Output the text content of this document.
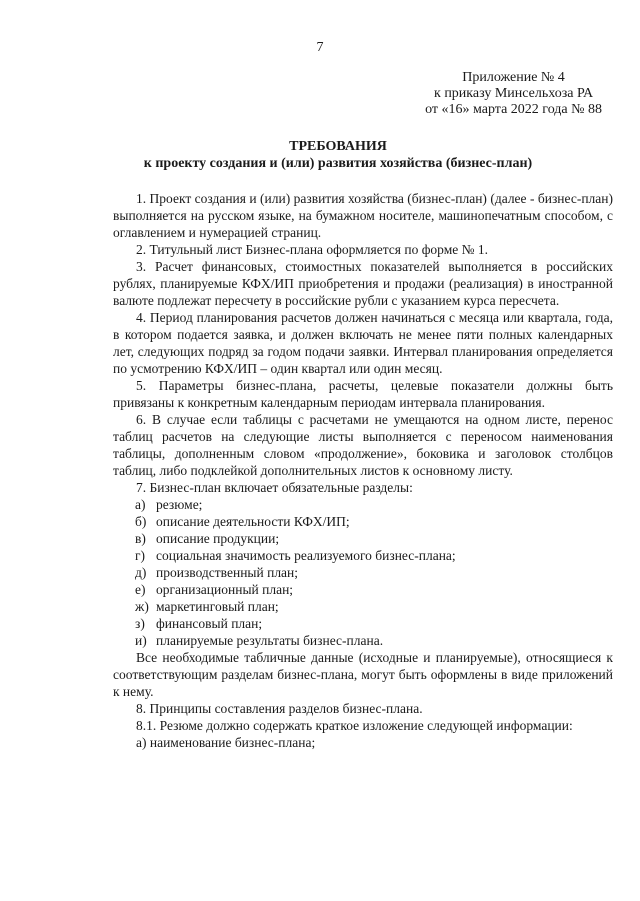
7
Приложение № 4
к приказу Минсельхоза РА
от «16» марта 2022 года № 88
ТРЕБОВАНИЯ
к проекту создания и (или) развития хозяйства (бизнес-план)

1. Проект создания и (или) развития хозяйства (бизнес-план) (далее - бизнес-план) выполняется на русском языке, на бумажном носителе, машинопечатным способом, с оглавлением и нумерацией страниц.

2. Титульный лист Бизнес-плана оформляется по форме № 1.

3. Расчет финансовых, стоимостных показателей выполняется в российских рублях, планируемые КФХ/ИП приобретения и продажи (реализация) в иностранной валюте подлежат пересчету в российские рубли с указанием курса пересчета.

4. Период планирования расчетов должен начинаться с месяца или квартала, года, в котором подается заявка, и должен включать не менее пяти полных календарных лет, следующих подряд за годом подачи заявки. Интервал планирования определяется по усмотрению КФХ/ИП – один квартал или один месяц.

5. Параметры бизнес-плана, расчеты, целевые показатели должны быть привязаны к конкретным календарным периодам интервала планирования.

6. В случае если таблицы с расчетами не умещаются на одном листе, перенос таблиц расчетов на следующие листы выполняется с переносом наименования таблицы, дополненным словом «продолжение», боковика и заголовок столбцов таблиц, либо подклейкой дополнительных листов к основному листу.

7. Бизнес-план включает обязательные разделы:

а) резюме;

б) описание деятельности КФХ/ИП;

в) описание продукции;

г) социальная значимость реализуемого бизнес-плана;

д) производственный план;

е) организационный план;

ж) маркетинговый план;

з) финансовый план;

и) планируемые результаты бизнес-плана.

Все необходимые табличные данные (исходные и планируемые), относящиеся к соответствующим разделам бизнес-плана, могут быть оформлены в виде приложений к нему.

8. Принципы составления разделов бизнес-плана.

8.1. Резюме должно содержать краткое изложение следующей информации:

а) наименование бизнес-плана;
